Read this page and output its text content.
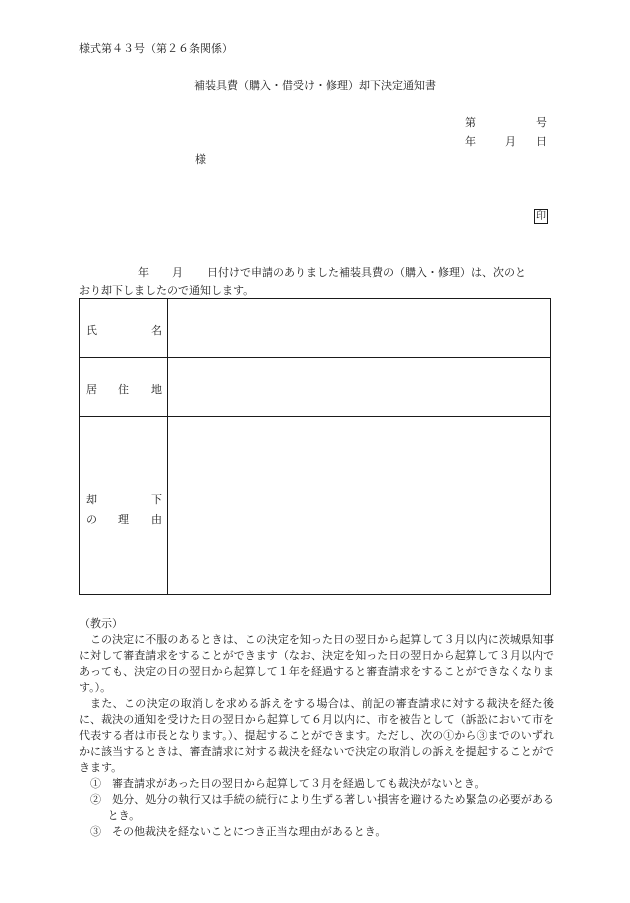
様式第４３号（第２６条関係）
補装具費（購入・借受け・修理）却下決定通知書
第	号
年	月 日
様
印
年 月 日付けで申請のありました補装具費の（購入・修理）は、次のと
おり却下しましたので通知します。
氏 名	

居 住 地	

却 下
の 理 由	

（教示）

この決定に不服のあるときは、この決定を知った日の翌日から起算して３月以内に茨城県知事に対して審査請求をすることができます（なお、決定を知った日の翌日から起算して３月以内であっても、決定の日の翌日から起算して１年を経過すると審査請求をすることができなくなります。）。

また、この決定の取消しを求める訴えをする場合は、前記の審査請求に対する裁決を経た後に、裁決の通知を受けた日の翌日から起算して６月以内に、市を被告として（訴訟において市を代表する者は市長となります。）、提起することができます。ただし、次の①から③までのいずれかに該当するときは、審査請求に対する裁決を経ないで決定の取消しの訴えを提起することができます。

①　審査請求があった日の翌日から起算して３月を経過しても裁決がないとき。

②　処分、処分の執行又は手続の続行により生ずる著しい損害を避けるため緊急の必要があるとき。

③　その他裁決を経ないことにつき正当な理由があるとき。
